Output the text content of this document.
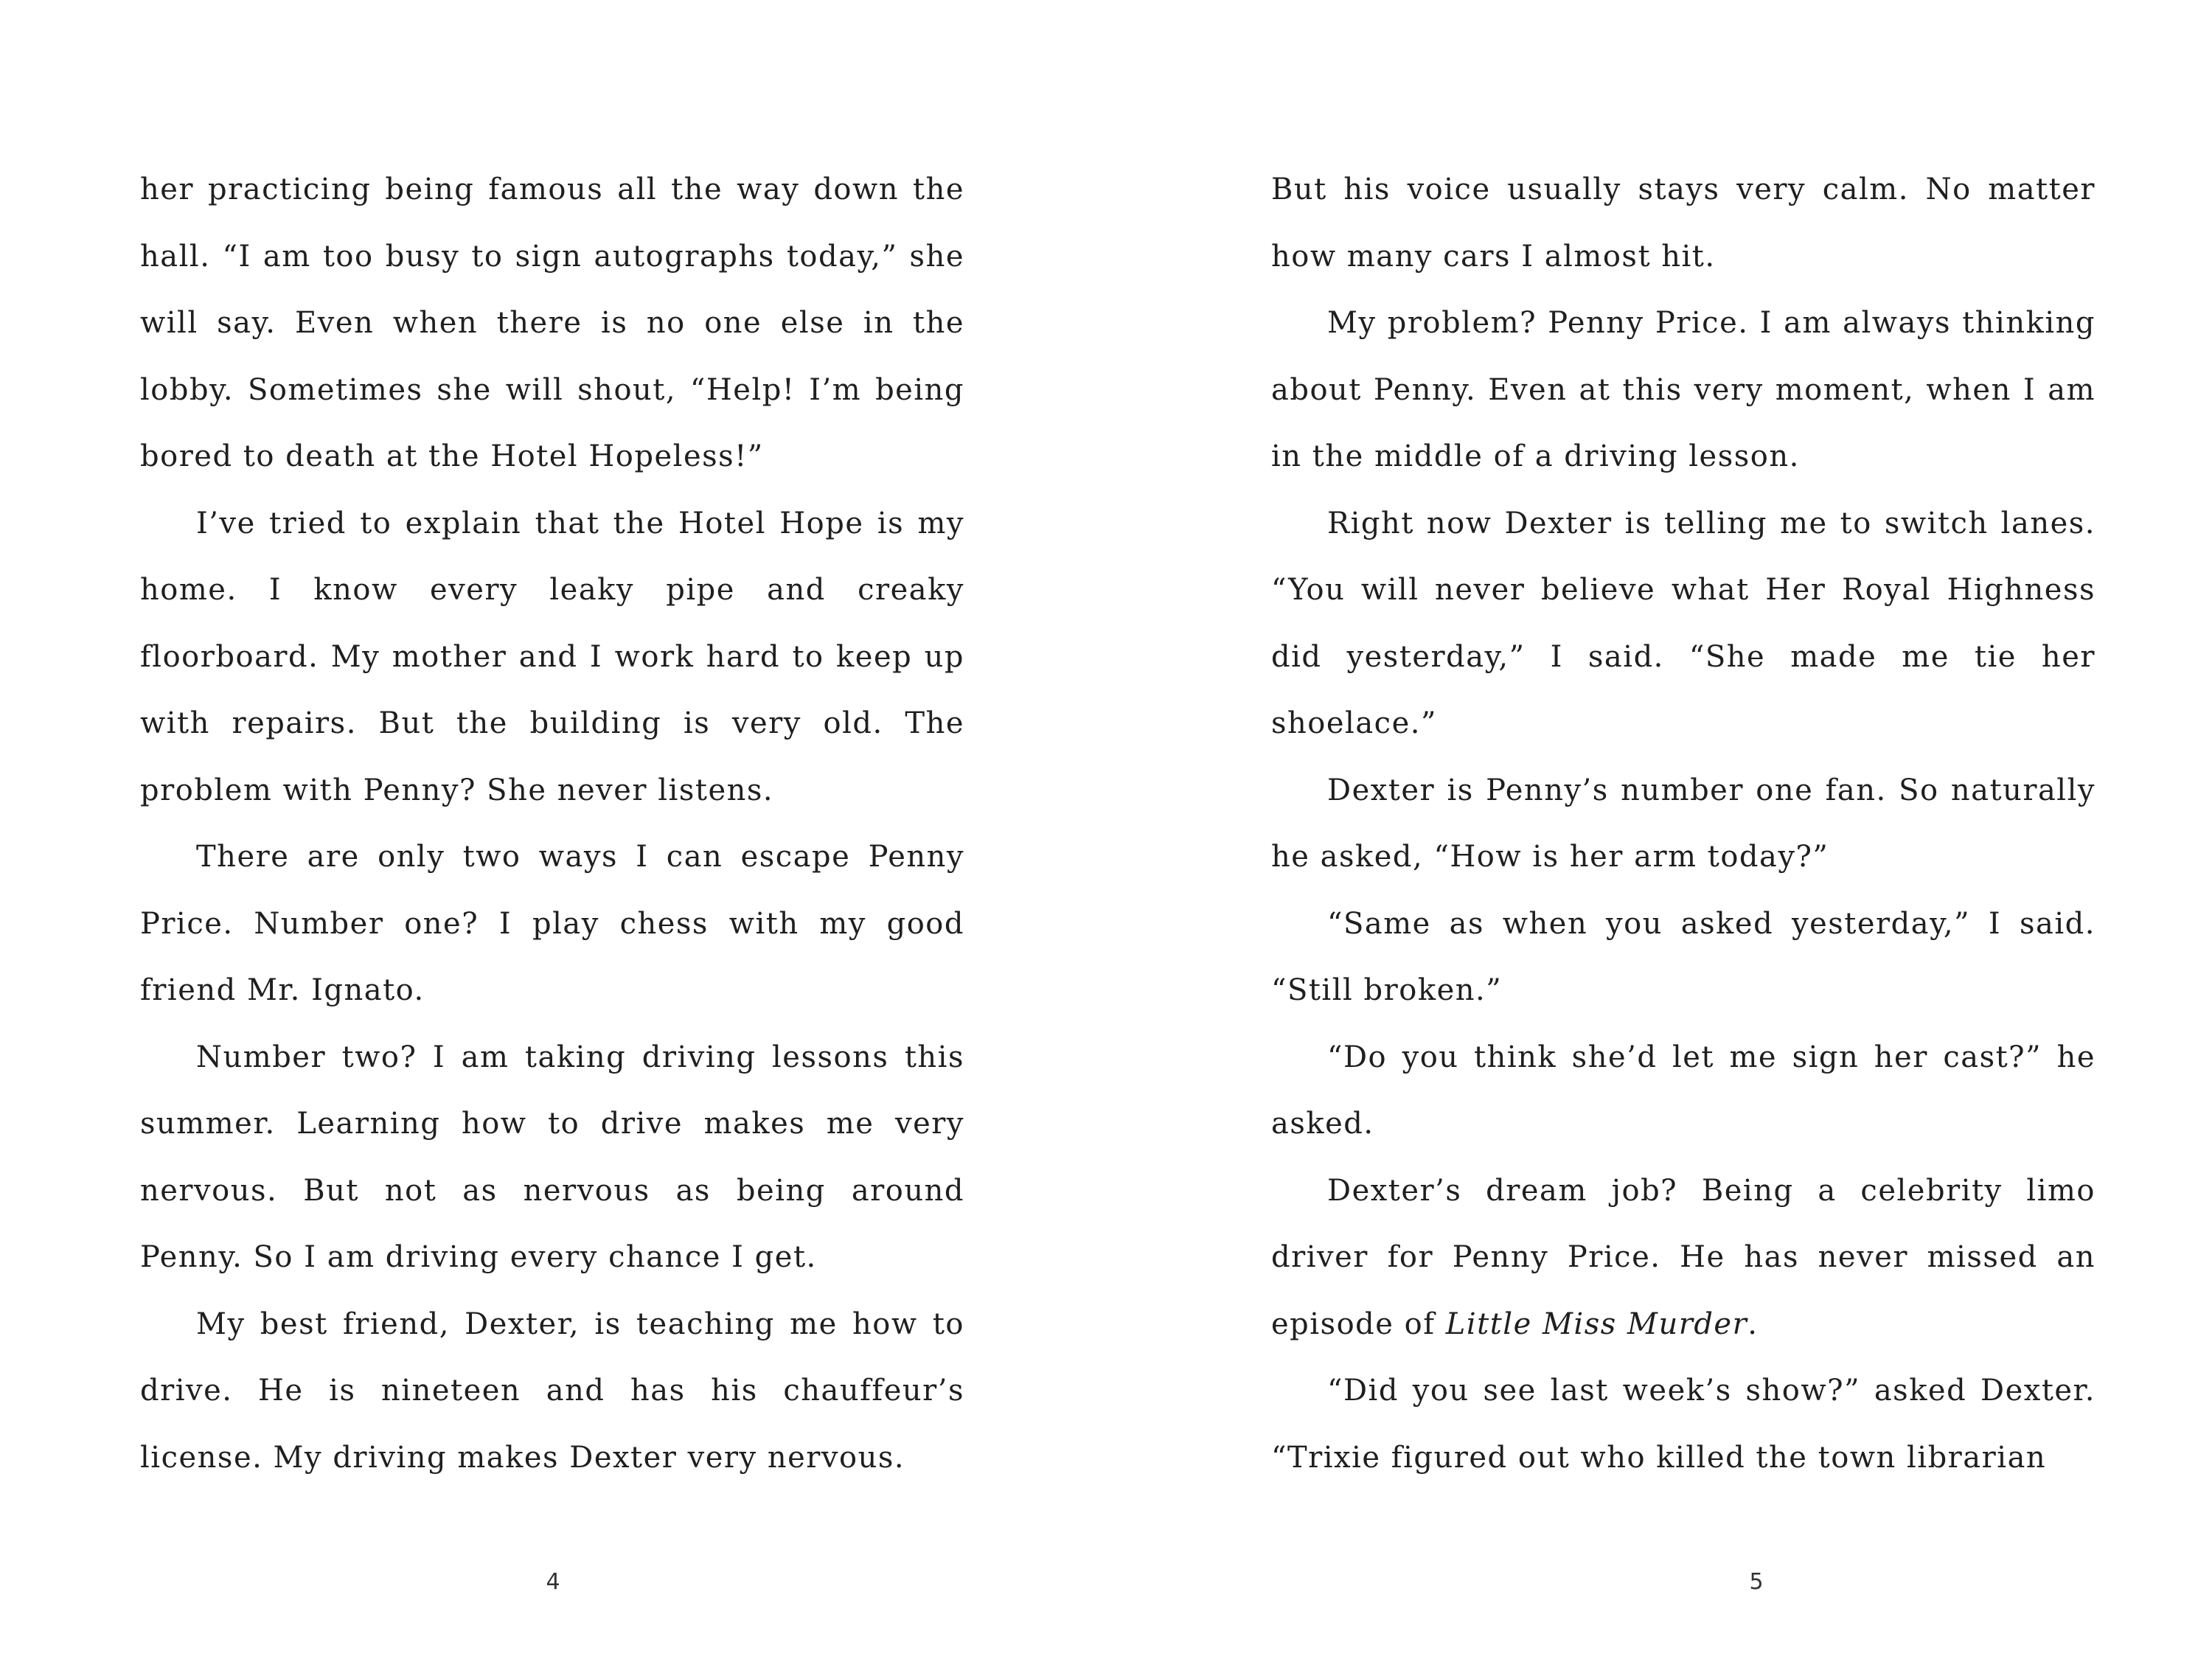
her practicing being famous all the way down the hall. “I am too busy to sign autographs today,” she will say. Even when there is no one else in the lobby. Sometimes she will shout, “Help! I’m being bored to death at the Hotel Hopeless!”

I’ve tried to explain that the Hotel Hope is my home. I know every leaky pipe and creaky floorboard. My mother and I work hard to keep up with repairs. But the building is very old. The problem with Penny? She never listens.

There are only two ways I can escape Penny Price. Number one? I play chess with my good friend Mr. Ignato.

Number two? I am taking driving lessons this summer. Learning how to drive makes me very nervous. But not as nervous as being around Penny. So I am driving every chance I get.

My best friend, Dexter, is teaching me how to drive. He is nineteen and has his chauffeur’s license. My driving makes Dexter very nervous.

4

But his voice usually stays very calm. No matter how many cars I almost hit.

My problem? Penny Price. I am always thinking about Penny. Even at this very moment, when I am in the middle of a driving lesson.

Right now Dexter is telling me to switch lanes. “You will never believe what Her Royal Highness did yesterday,” I said. “She made me tie her shoelace.”

Dexter is Penny’s number one fan. So naturally he asked, “How is her arm today?”

“Same as when you asked yesterday,” I said. “Still broken.”

“Do you think she’d let me sign her cast?” he asked.

Dexter’s dream job? Being a celebrity limo driver for Penny Price. He has never missed an episode of Little Miss Murder.

“Did you see last week’s show?” asked Dexter. “Trixie figured out who killed the town librarian

5
